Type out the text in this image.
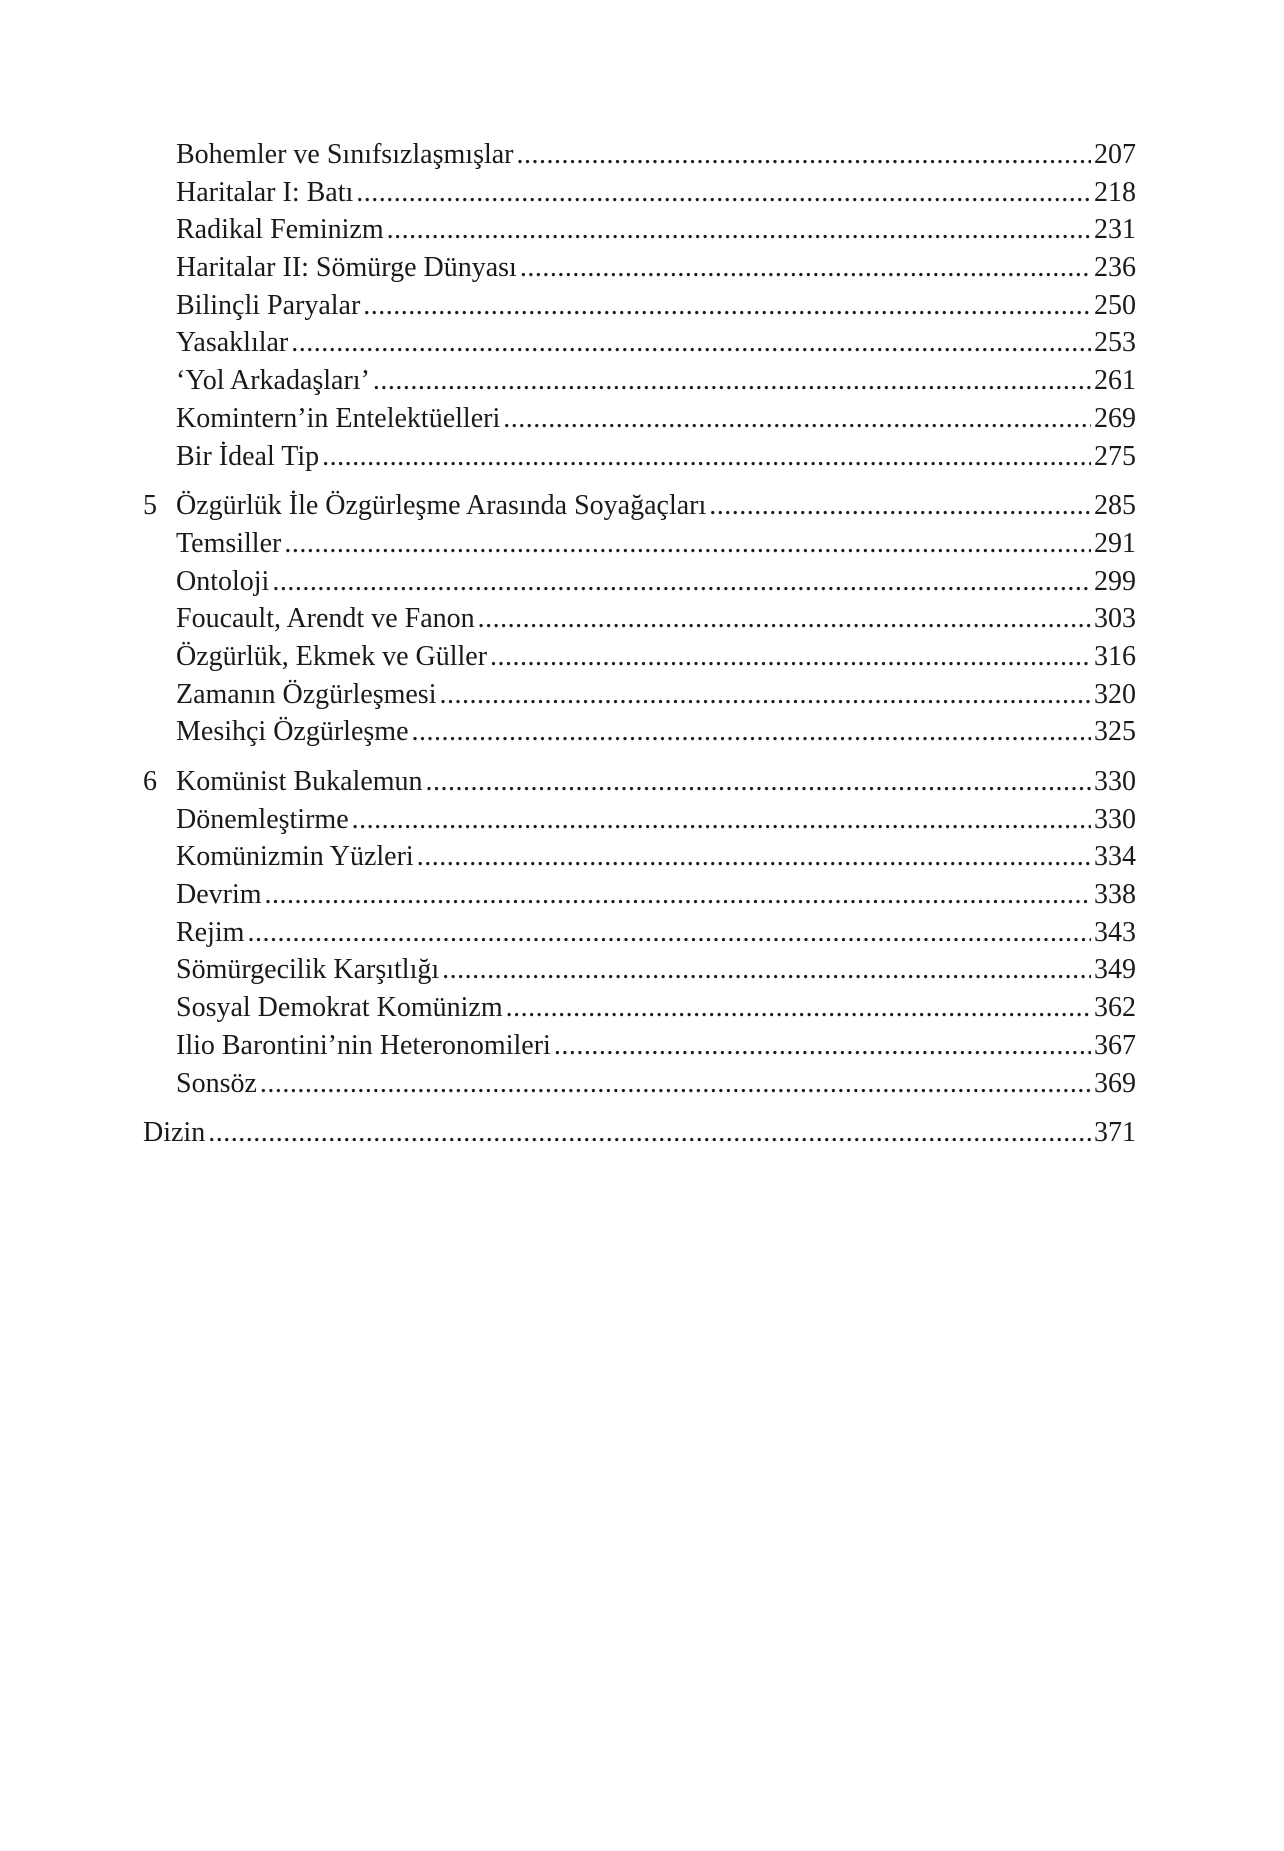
Bohemler ve Sınıfsızlaşmışlar .....	207
Haritalar I: Batı .....	218
Radikal Feminizm .....	231
Haritalar II: Sömürge Dünyası .....	236
Bilinçli Paryalar .....	250
Yasaklılar .....	253
‘Yol Arkadaşları’ .....	261
Komintern’in Entelektüelleri .....	269
Bir İdeal Tip .....	275
5 Özgürlük İle Özgürleşme Arasında Soyağaçları .....	285
Temsiller .....	291
Ontoloji .....	299
Foucault, Arendt ve Fanon .....	303
Özgürlük, Ekmek ve Güller .....	316
Zamanın Özgürleşmesi .....	320
Mesihçi Özgürleşme .....	325
6 Komünist Bukalemun .....	330
Dönemleştirme .....	330
Komünizmin Yüzleri .....	334
Devrim .....	338
Rejim .....	343
Sömürgecilik Karşıtlığı .....	349
Sosyal Demokrat Komünizm .....	362
Ilio Barontini’nin Heteronomileri .....	367
Sonsöz .....	369
Dizin .....	371
